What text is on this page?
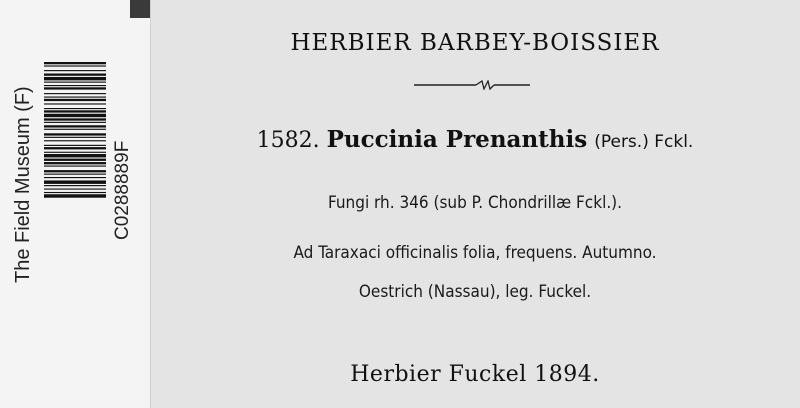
The Field Museum (F)	C0288889F
HERBIER BARBEY-BOISSIER
1582. Puccinia Prenanthis (Pers.) Fckl.
Fungi rh. 346 (sub P. Chondrillæ Fckl.).
Ad Taraxaci officinalis folia, frequens. Autumno.
Oestrich (Nassau), leg. Fuckel.
Herbier Fuckel 1894.
